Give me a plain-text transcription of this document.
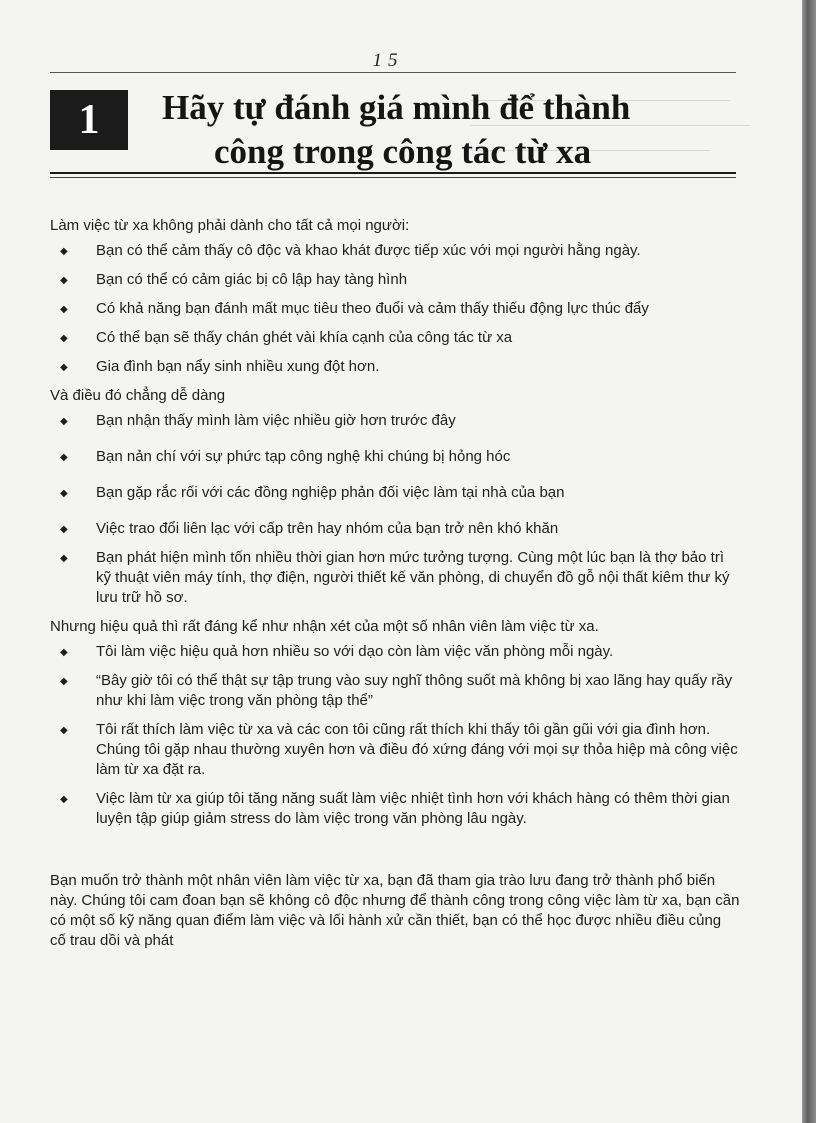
15
1	Hãy tự đánh giá mình để thành
công trong công tác từ xa

Làm việc từ xa không phải dành cho tất cả mọi người:

◆ Bạn có thể cảm thấy cô độc và khao khát được tiếp xúc với mọi người hằng ngày.
◆ Bạn có thể có cảm giác bị cô lập hay tàng hình
◆ Có khả năng bạn đánh mất mục tiêu theo đuổi và cảm thấy thiếu động lực thúc đẩy
◆ Có thể bạn sẽ thấy chán ghét vài khía cạnh của công tác từ xa
◆ Gia đình bạn nẩy sinh nhiều xung đột hơn.

Và điều đó chẳng dễ dàng

◆ Bạn nhận thấy mình làm việc nhiều giờ hơn trước đây
◆ Bạn nản chí với sự phức tạp công nghệ khi chúng bị hỏng hóc
◆ Bạn gặp rắc rối với các đồng nghiệp phản đối việc làm tại nhà của bạn
◆ Việc trao đổi liên lạc với cấp trên hay nhóm của bạn trở nên khó khăn
◆ Bạn phát hiện mình tốn nhiều thời gian hơn mức tưởng tượng. Cùng một lúc bạn là thợ bảo trì kỹ thuật viên máy tính, thợ điện, người thiết kế văn phòng, di chuyển đồ gỗ nội thất kiêm thư ký lưu trữ hồ sơ.

Nhưng hiệu quả thì rất đáng kể như nhận xét của một số nhân viên làm việc từ xa.

◆ Tôi làm việc hiệu quả hơn nhiều so với dạo còn làm việc văn phòng mỗi ngày.
◆ “Bây giờ tôi có thể thật sự tập trung vào suy nghĩ thông suốt mà không bị xao lãng hay quấy rầy như khi làm việc trong văn phòng tập thể”
◆ Tôi rất thích làm việc từ xa và các con tôi cũng rất thích khi thấy tôi gần gũi với gia đình hơn. Chúng tôi gặp nhau thường xuyên hơn và điều đó xứng đáng với mọi sự thỏa hiệp mà công việc làm từ xa đặt ra.
◆ Việc làm từ xa giúp tôi tăng năng suất làm việc nhiệt tình hơn với khách hàng có thêm thời gian luyện tập giúp giảm stress do làm việc trong văn phòng lâu ngày.

Bạn muốn trở thành một nhân viên làm việc từ xa, bạn đã tham gia trào lưu đang trở thành phổ biến này. Chúng tôi cam đoan bạn sẽ không cô độc nhưng để thành công trong công việc làm từ xa, bạn cần có một số kỹ năng quan điểm làm việc và lối hành xử cần thiết, bạn có thể học được nhiều điều củng cố trau dồi và phát
